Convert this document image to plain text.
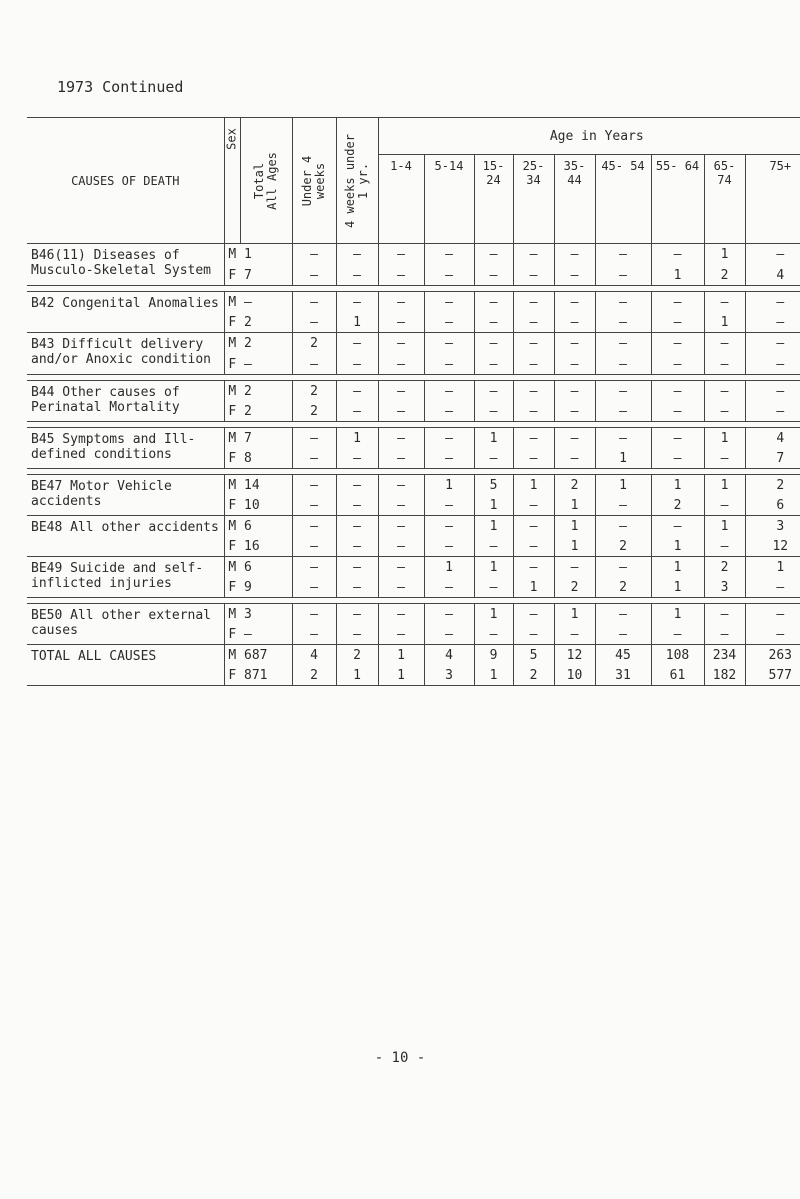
1973 Continued
CAUSES OF DEATH	Sex	Total All Ages	Under 4 weeks	4 weeks under 1 yr.	Age in Years								
					1-4	5-14	15- 24	25- 34	35- 44	45- 54	55- 64	65- 74	75+
B46(11) Diseases of Musculo-Skeletal System	M	1	–	–	–	–	–	–	–	–	–	1	–
	F	7	–	–	–	–	–	–	–	–	1	2	4

B42 Congenital Anomalies	M	–	–	–	–	–	–	–	–	–	–	–	–
	F	2	–	1	–	–	–	–	–	–	–	1	–
B43 Difficult delivery and/or Anoxic condition	M	2	2	–	–	–	–	–	–	–	–	–	–
	F	–	–	–	–	–	–	–	–	–	–	–	–

B44 Other causes of Perinatal Mortality	M	2	2	–	–	–	–	–	–	–	–	–	–
	F	2	2	–	–	–	–	–	–	–	–	–	–

B45 Symptoms and Ill-defined conditions	M	7	–	1	–	–	1	–	–	–	–	1	4
	F	8	–	–	–	–	–	–	–	1	–	–	7

BE47 Motor Vehicle accidents	M	14	–	–	–	1	5	1	2	1	1	1	2
	F	10	–	–	–	–	1	–	1	–	2	–	6
BE48 All other accidents	M	6	–	–	–	–	1	–	1	–	–	1	3
	F	16	–	–	–	–	–	–	1	2	1	–	12
BE49 Suicide and self-inflicted injuries	M	6	–	–	–	1	1	–	–	–	1	2	1
	F	9	–	–	–	–	–	1	2	2	1	3	–

BE50 All other external causes	M	3	–	–	–	–	1	–	1	–	1	–	–
	F	–	–	–	–	–	–	–	–	–	–	–	–
TOTAL ALL CAUSES	M	687	4	2	1	4	9	5	12	45	108	234	263
	F	871	2	1	1	3	1	2	10	31	61	182	577
- 10 -
